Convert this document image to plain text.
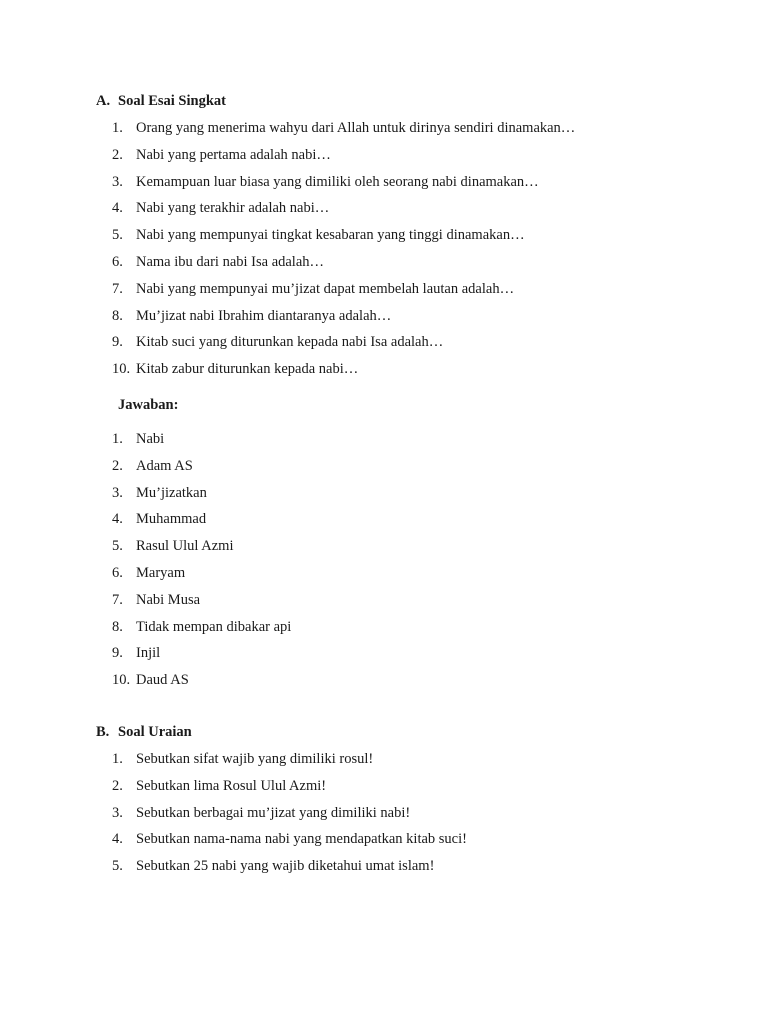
A. Soal Esai Singkat
1. Orang yang menerima wahyu dari Allah untuk dirinya sendiri dinamakan…
2. Nabi yang pertama adalah nabi…
3. Kemampuan luar biasa yang dimiliki oleh seorang nabi dinamakan…
4. Nabi yang terakhir adalah nabi…
5. Nabi yang mempunyai tingkat kesabaran yang tinggi dinamakan…
6. Nama ibu dari nabi Isa adalah…
7. Nabi yang mempunyai mu’jizat dapat membelah lautan adalah…
8. Mu’jizat nabi Ibrahim diantaranya adalah…
9. Kitab suci yang diturunkan kepada nabi Isa adalah…
10. Kitab zabur diturunkan kepada nabi…
Jawaban:
1. Nabi
2. Adam AS
3. Mu’jizatkan
4. Muhammad
5. Rasul Ulul Azmi
6. Maryam
7. Nabi Musa
8. Tidak mempan dibakar api
9. Injil
10. Daud AS
B. Soal Uraian
1. Sebutkan sifat wajib yang dimiliki rosul!
2. Sebutkan lima Rosul Ulul Azmi!
3. Sebutkan berbagai mu’jizat yang dimiliki nabi!
4. Sebutkan nama-nama nabi yang mendapatkan kitab suci!
5. Sebutkan 25 nabi yang wajib diketahui umat islam!
